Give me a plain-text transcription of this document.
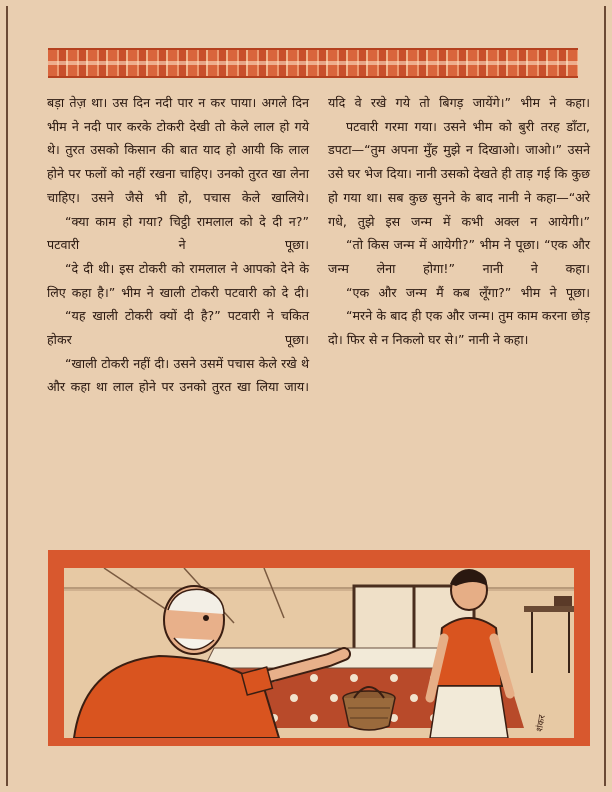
बड़ा तेज़ था। उस दिन नदी पार न कर पाया। अगले दिन भीम ने नदी पार करके टोकरी देखी तो केले लाल हो गये थे। तुरत उसको किसान की बात याद हो आयी कि लाल होने पर फलों को नहीं रखना चाहिए। उनको तुरत खा लेना चाहिए। उसने जैसे भी हो, पचास केले खालिये।

“क्या काम हो गया? चिट्ठी रामलाल को दे दी न?” पटवारी ने पूछा।

“दे दी थी। इस टोकरी को रामलाल ने आपको देने के लिए कहा है।” भीम ने खाली टोकरी पटवारी को दे दी।

“यह खाली टोकरी क्यों दी है?” पटवारी ने चकित होकर पूछा।

“खाली टोकरी नहीं दी। उसने उसमें पचास केले रखे थे और कहा था लाल होने पर उनको तुरत खा लिया जाय।

यदि वे रखे गये तो बिगड़ जायेंगे।” भीम ने कहा।

पटवारी गरमा गया। उसने भीम को बुरी तरह डाँटा, डपटा—“तुम अपना मुँह मुझे न दिखाओ। जाओ।” उसने उसे घर भेज दिया। नानी उसको देखते ही ताड़ गई कि कुछ हो गया था। सब कुछ सुनने के बाद नानी ने कहा—“अरे गधे, तुझे इस जन्म में कभी अक्ल न आयेगी।”

“तो किस जन्म में आयेगी?” भीम ने पूछा। “एक और जन्म लेना होगा!” नानी ने कहा।

“एक और जन्म मैं कब लूँगा?” भीम ने पूछा।

“मरने के बाद ही एक और जन्म। तुम काम करना छोड़ दो। फिर से न निकलो घर से।” नानी ने कहा।

शंकर
